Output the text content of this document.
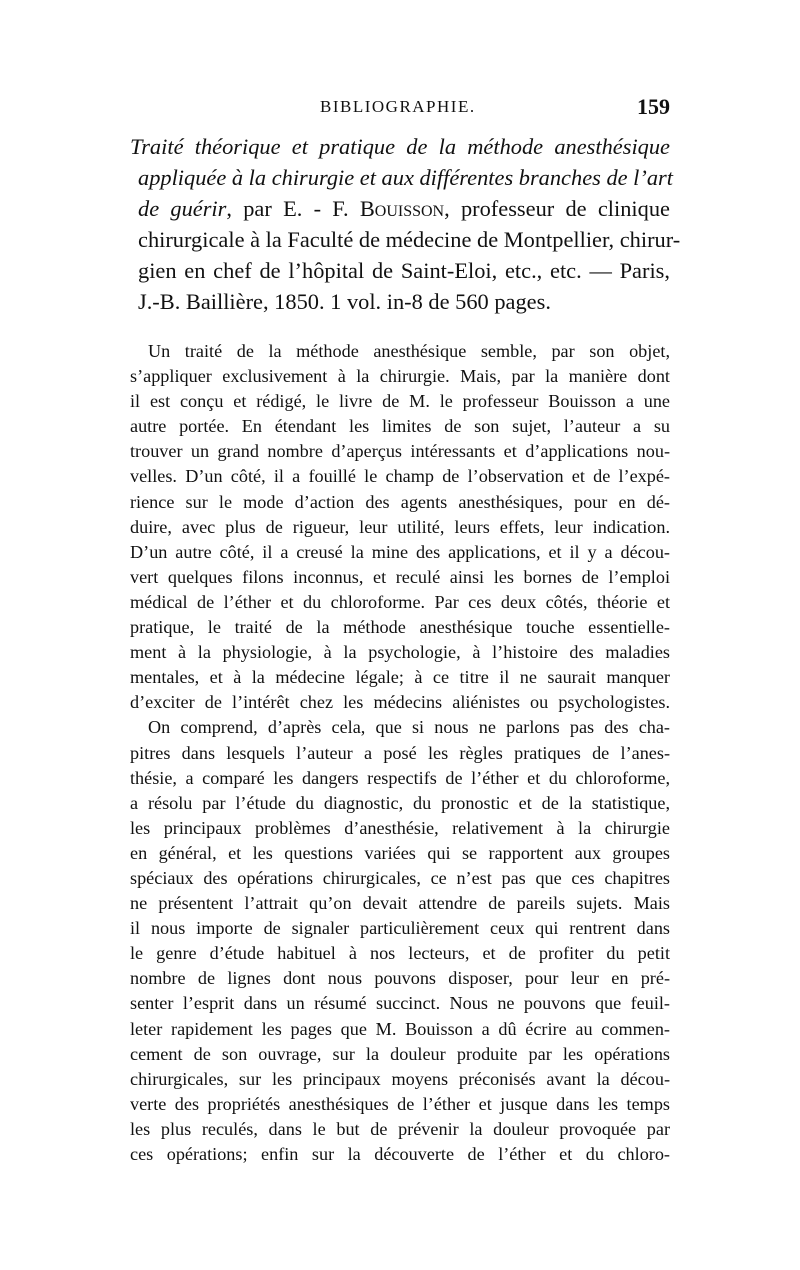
BIBLIOGRAPHIE.	159
Traité théorique et pratique de la méthode anesthésique
appliquée à la chirurgie et aux différentes branches de l’art
de guérir, par E. - F. Bouisson, professeur de clinique
chirurgicale à la Faculté de médecine de Montpellier, chirur-
gien en chef de l’hôpital de Saint-Eloi, etc., etc. — Paris,
J.-B. Baillière, 1850. 1 vol. in-8 de 560 pages.
Un traité de la méthode anesthésique semble, par son objet,
s’appliquer exclusivement à la chirurgie. Mais, par la manière dont
il est conçu et rédigé, le livre de M. le professeur Bouisson a une
autre portée. En étendant les limites de son sujet, l’auteur a su
trouver un grand nombre d’aperçus intéressants et d’applications nou-
velles. D’un côté, il a fouillé le champ de l’observation et de l’expé-
rience sur le mode d’action des agents anesthésiques, pour en dé-
duire, avec plus de rigueur, leur utilité, leurs effets, leur indication.
D’un autre côté, il a creusé la mine des applications, et il y a décou-
vert quelques filons inconnus, et reculé ainsi les bornes de l’emploi
médical de l’éther et du chloroforme. Par ces deux côtés, théorie et
pratique, le traité de la méthode anesthésique touche essentielle-
ment à la physiologie, à la psychologie, à l’histoire des maladies
mentales, et à la médecine légale; à ce titre il ne saurait manquer
d’exciter de l’intérêt chez les médecins aliénistes ou psychologistes.
On comprend, d’après cela, que si nous ne parlons pas des cha-
pitres dans lesquels l’auteur a posé les règles pratiques de l’anes-
thésie, a comparé les dangers respectifs de l’éther et du chloroforme,
a résolu par l’étude du diagnostic, du pronostic et de la statistique,
les principaux problèmes d’anesthésie, relativement à la chirurgie
en général, et les questions variées qui se rapportent aux groupes
spéciaux des opérations chirurgicales, ce n’est pas que ces chapitres
ne présentent l’attrait qu’on devait attendre de pareils sujets. Mais
il nous importe de signaler particulièrement ceux qui rentrent dans
le genre d’étude habituel à nos lecteurs, et de profiter du petit
nombre de lignes dont nous pouvons disposer, pour leur en pré-
senter l’esprit dans un résumé succinct. Nous ne pouvons que feuil-
leter rapidement les pages que M. Bouisson a dû écrire au commen-
cement de son ouvrage, sur la douleur produite par les opérations
chirurgicales, sur les principaux moyens préconisés avant la décou-
verte des propriétés anesthésiques de l’éther et jusque dans les temps
les plus reculés, dans le but de prévenir la douleur provoquée par
ces opérations; enfin sur la découverte de l’éther et du chloro-
